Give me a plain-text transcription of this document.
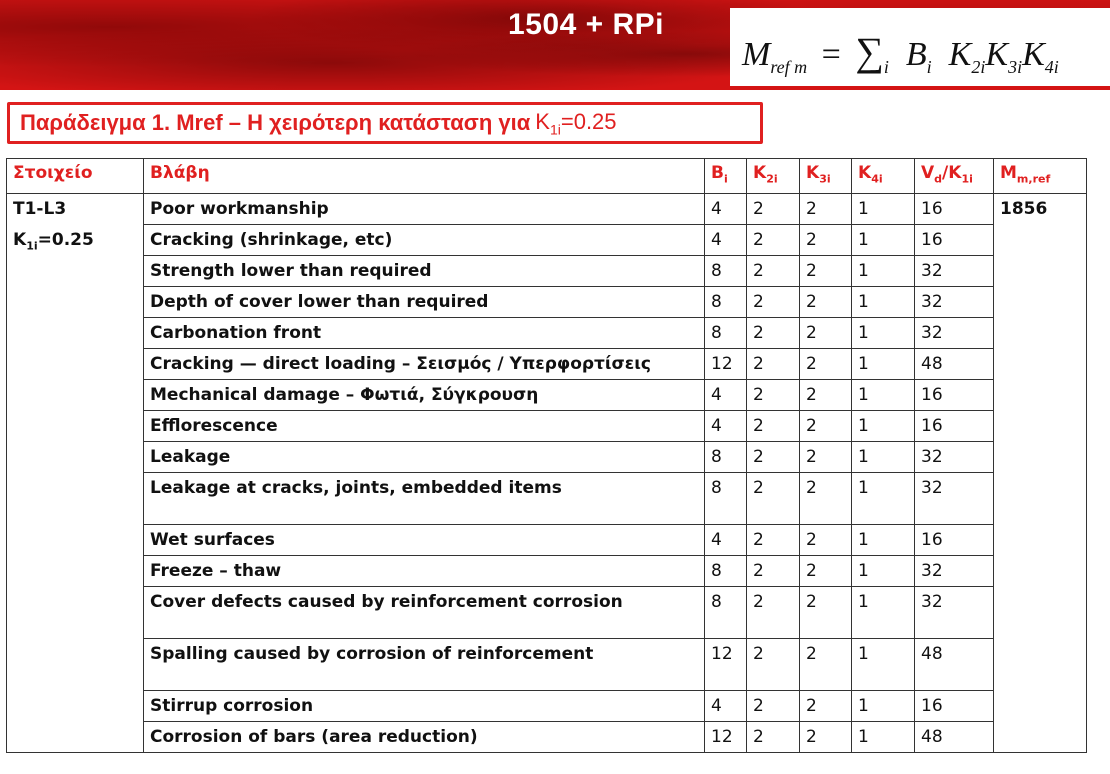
1504 + RPi
$M_{ref m} = \sum_i$ $B_i$ $K_{2i}K_{3i}K_{4i}$
Παράδειγμα 1. Mref – Η χειρότερη κατάσταση για $K_{1i}=0.25$
Στοιχείο	Βλάβη	$B_i$	$K_{2i}$	$K_{3i}$	$K_{4i}$	$V_d/K_{1i}$	$M_{m,ref}$

T1-L3
$K_{1i}=0.25$	Poor workmanship	4	2	2	1	16	1856
	Cracking (shrinkage, etc)	4	2	2	1	16	
	Strength lower than required	8	2	2	1	32	
	Depth of cover lower than required	8	2	2	1	32	
	Carbonation front	8	2	2	1	32	
	Cracking — direct loading – Σεισμός / Υπερφορτίσεις	12	2	2	1	48	
	Mechanical damage – Φωτιά, Σύγκρουση	4	2	2	1	16	
	Efflorescence	4	2	2	1	16	
	Leakage	8	2	2	1	32	
	Leakage at cracks, joints, embedded items	8	2	2	1	32	
	Wet surfaces	4	2	2	1	16	
	Freeze – thaw	8	2	2	1	32	
	Cover defects caused by reinforcement corrosion	8	2	2	1	32	
	Spalling caused by corrosion of reinforcement	12	2	2	1	48	
	Stirrup corrosion	4	2	2	1	16	
	Corrosion of bars (area reduction)	12	2	2	1	48	
